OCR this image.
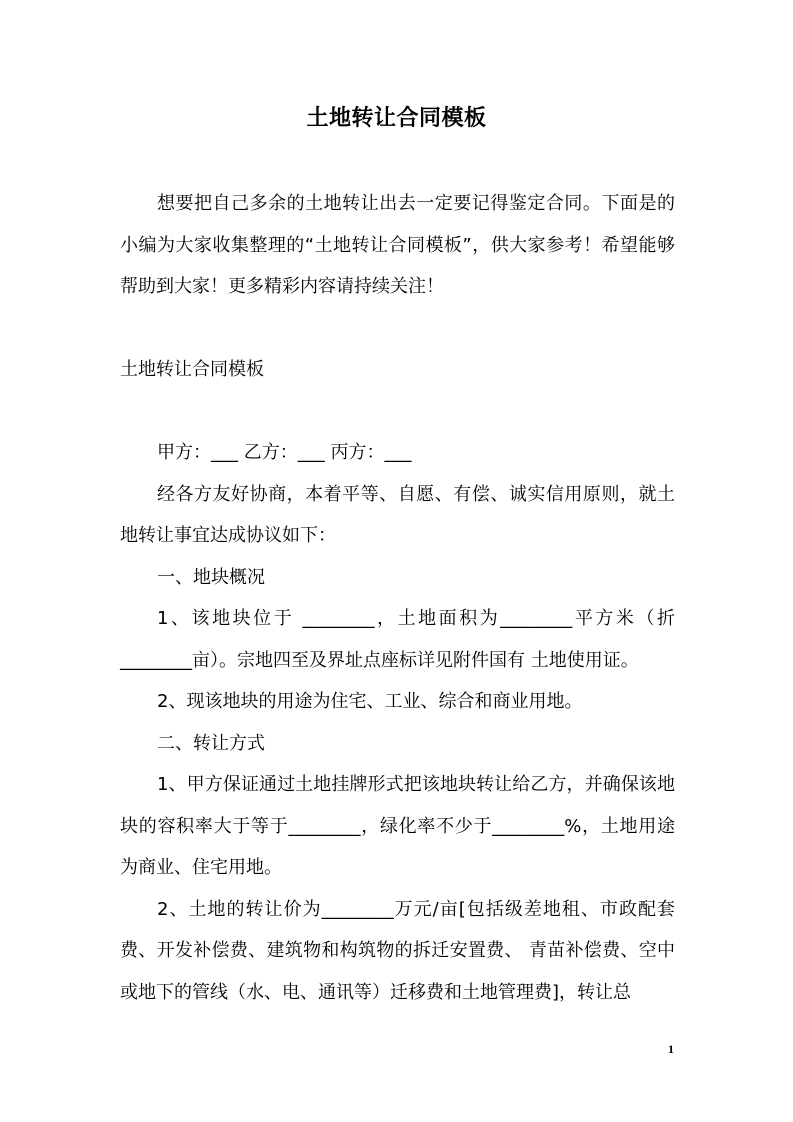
土地转让合同模板

想要把自己多余的土地转让出去一定要记得鉴定合同。下面是的小编为大家收集整理的“土地转让合同模板”，供大家参考！希望能够帮助到大家！更多精彩内容请持续关注！

土地转让合同模板

甲方：___ 乙方：___ 丙方：___

经各方友好协商，本着平等、自愿、有偿、诚实信用原则，就土地转让事宜达成协议如下：

一、地块概况

1、该地块位于 ________，土地面积为________平方米（折________亩）。宗地四至及界址点座标详见附件国有 土地使用证。

2、现该地块的用途为住宅、工业、综合和商业用地。

二、转让方式

1、甲方保证通过土地挂牌形式把该地块转让给乙方，并确保该地块的容积率大于等于________，绿化率不少于________%，土地用途为商业、住宅用地。

2、土地的转让价为________万元/亩[包括级差地租、市政配套费、开发补偿费、建筑物和构筑物的拆迁安置费、 青苗补偿费、空中或地下的管线（水、电、通讯等）迁移费和土地管理费]，转让总

1
